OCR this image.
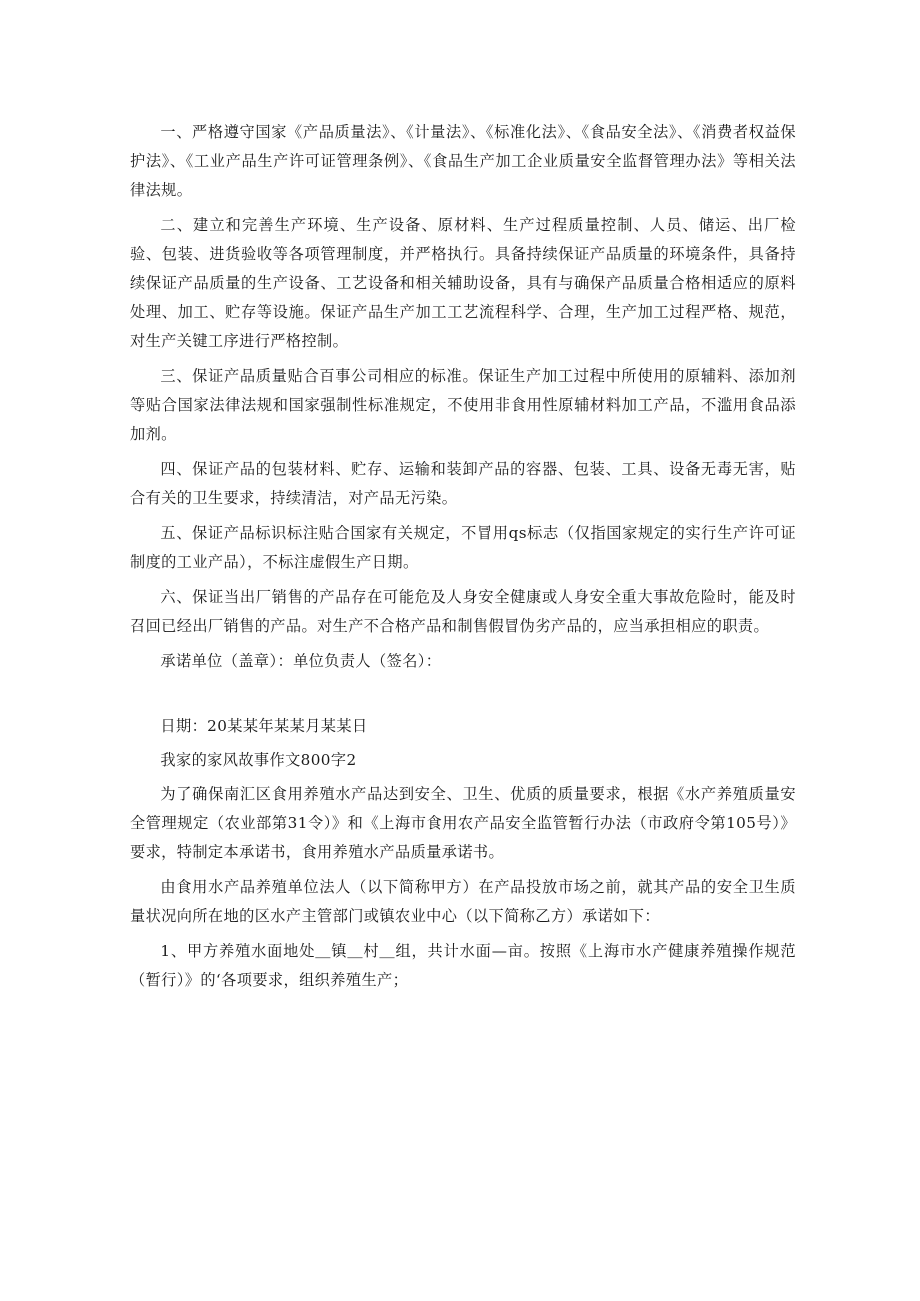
一、严格遵守国家《产品质量法》、《计量法》、《标准化法》、《食品安全法》、《消费者权益保护法》、《工业产品生产许可证管理条例》、《食品生产加工企业质量安全监督管理办法》等相关法律法规。

二、建立和完善生产环境、生产设备、原材料、生产过程质量控制、人员、储运、出厂检验、包装、进货验收等各项管理制度，并严格执行。具备持续保证产品质量的环境条件，具备持续保证产品质量的生产设备、工艺设备和相关辅助设备，具有与确保产品质量合格相适应的原料处理、加工、贮存等设施。保证产品生产加工工艺流程科学、合理，生产加工过程严格、规范，对生产关键工序进行严格控制。

三、保证产品质量贴合百事公司相应的标准。保证生产加工过程中所使用的原辅料、添加剂等贴合国家法律法规和国家强制性标准规定，不使用非食用性原辅材料加工产品，不滥用食品添加剂。

四、保证产品的包装材料、贮存、运输和装卸产品的容器、包装、工具、设备无毒无害，贴合有关的卫生要求，持续清洁，对产品无污染。

五、保证产品标识标注贴合国家有关规定，不冒用qs标志（仅指国家规定的实行生产许可证制度的工业产品），不标注虚假生产日期。

六、保证当出厂销售的产品存在可能危及人身安全健康或人身安全重大事故危险时，能及时召回已经出厂销售的产品。对生产不合格产品和制售假冒伪劣产品的，应当承担相应的职责。

承诺单位（盖章）：单位负责人（签名）：

日期：20某某年某某月某某日

我家的家风故事作文800字2

为了确保南汇区食用养殖水产品达到安全、卫生、优质的质量要求，根据《水产养殖质量安全管理规定（农业部第31令）》和《上海市食用农产品安全监管暂行办法（市政府令第105号）》要求，特制定本承诺书，食用养殖水产品质量承诺书。

由食用水产品养殖单位法人（以下简称甲方）在产品投放市场之前，就其产品的安全卫生质量状况向所在地的区水产主管部门或镇农业中心（以下简称乙方）承诺如下：

1、甲方养殖水面地处＿镇＿村＿组，共计水面—亩。按照《上海市水产健康养殖操作规范（暂行）》的‘各项要求，组织养殖生产；
